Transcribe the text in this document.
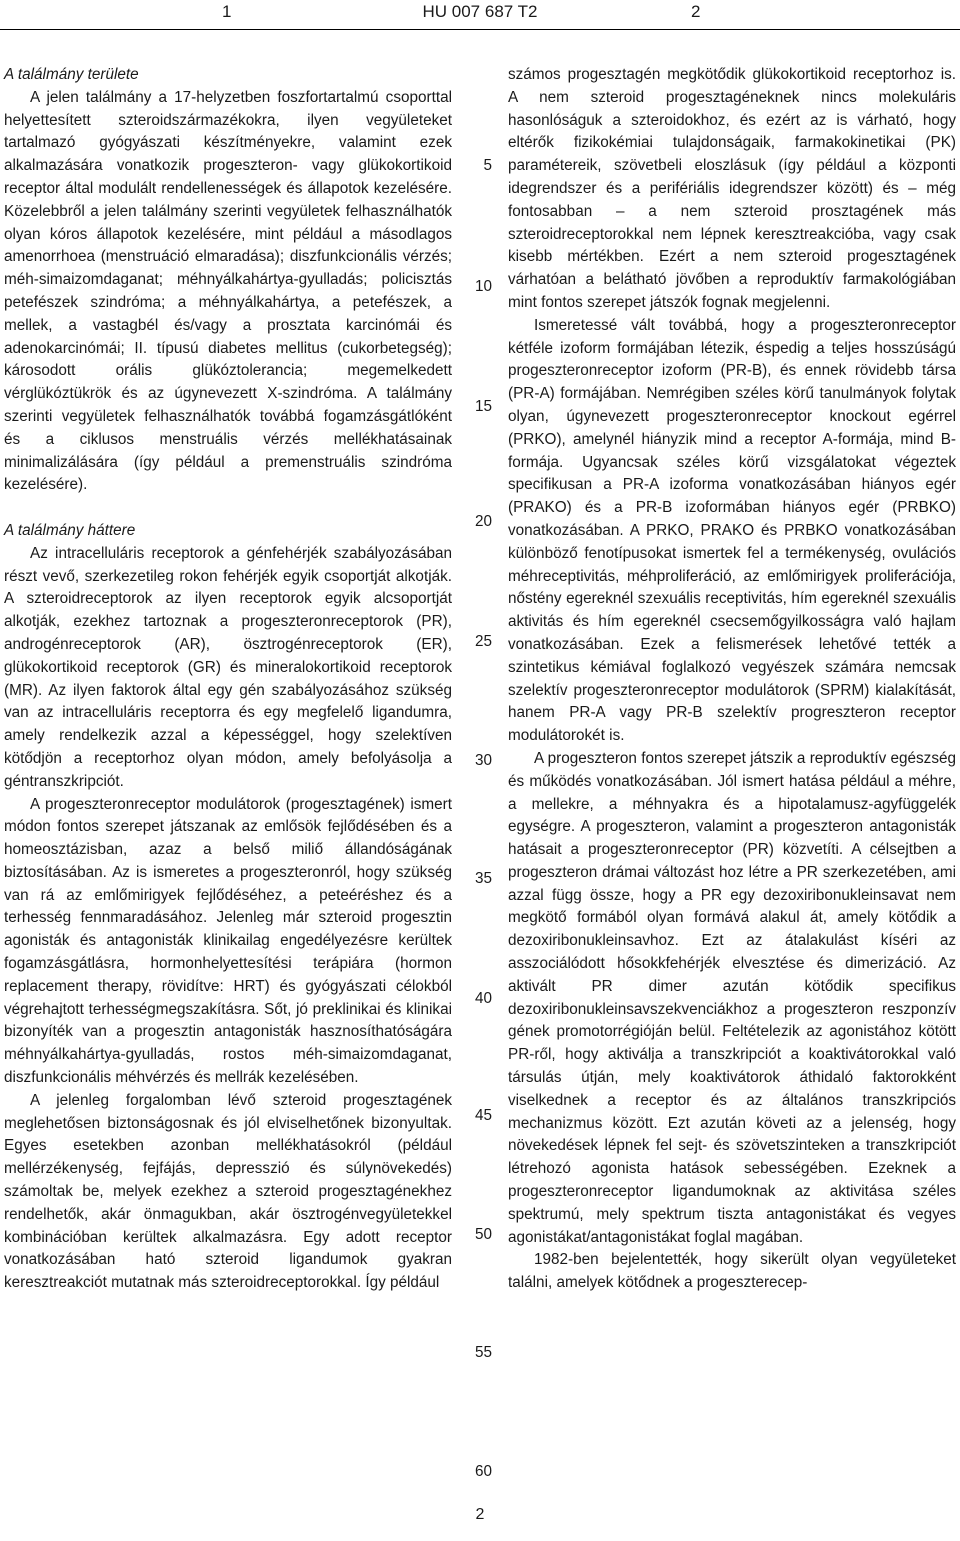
1	HU 007 687 T2	2
A találmány területe

A jelen találmány a 17-helyzetben foszfortartalmú csoporttal helyettesített szteroidszármazékokra, ilyen vegyületeket tartalmazó gyógyászati készítményekre, valamint ezek alkalmazására vonatkozik progeszteron- vagy glükokortikoid receptor által modulált rendellenességek és állapotok kezelésére. Közelebbről a jelen találmány szerinti vegyületek felhasználhatók olyan kóros állapotok kezelésére, mint például a másodlagos amenorrhoea (menstruáció elmaradása); diszfunkcionális vérzés; méh-simaizomdaganat; méhnyálkahártya-gyulladás; policisztás petefészek szindróma; a méhnyálkahártya, a petefészek, a mellek, a vastagbél és/vagy a prosztata karcinómái és adenokarcinómái; II. típusú diabetes mellitus (cukorbetegség); károsodott orális glükóztolerancia; megemelkedett vérglükóztükrök és az úgynevezett X-szindróma. A találmány szerinti vegyületek felhasználhatók továbbá fogamzásgátlóként és a ciklusos menstruális vérzés mellékhatásainak minimalizálására (így például a premenstruális szindróma kezelésére).

A találmány háttere

Az intracelluláris receptorok a génfehérjék szabályozásában részt vevő, szerkezetileg rokon fehérjék egyik csoportját alkotják. A szteroidreceptorok az ilyen receptorok egyik alcsoportját alkotják, ezekhez tartoznak a progeszteronreceptorok (PR), androgénreceptorok (AR), ösztrogénreceptorok (ER), glükokortikoid receptorok (GR) és mineralokortikoid receptorok (MR). Az ilyen faktorok által egy gén szabályozásához szükség van az intracelluláris receptorra és egy megfelelő ligandumra, amely rendelkezik azzal a képességgel, hogy szelektíven kötődjön a receptorhoz olyan módon, amely befolyásolja a géntranszkripciót.

A progeszteronreceptor modulátorok (progesztagének) ismert módon fontos szerepet játszanak az emlősök fejlődésében és a homeosztázisban, azaz a belső miliő állandóságának biztosításában. Az is ismeretes a progeszteronról, hogy szükség van rá az emlőmirigyek fejlődéséhez, a peteéréshez és a terhesség fennmaradásához. Jelenleg már szteroid progesztin agonisták és antagonisták klinikailag engedélyezésre kerültek fogamzásgátlásra, hormonhelyettesítési terápiára (hormon replacement therapy, rövidítve: HRT) és gyógyászati célokból végrehajtott terhességmegszakításra. Sőt, jó preklinikai és klinikai bizonyíték van a progesztin antagonisták hasznosíthatóságára méhnyálkahártya-gyulladás, rostos méh-simaizomdaganat, diszfunkcionális méhvérzés és mellrák kezelésében.

A jelenleg forgalomban lévő szteroid progesztagének meglehetősen biztonságosnak és jól elviselhetőnek bizonyultak. Egyes esetekben azonban mellékhatásokról (például mellérzékenység, fejfájás, depresszió és súlynövekedés) számoltak be, melyek ezekhez a szteroid progesztagénekhez rendelhetők, akár önmagukban, akár ösztrogénvegyületekkel kombinációban kerültek alkalmazásra. Egy adott receptor vonatkozásában ható szteroid ligandumok gyakran keresztreakciót mutatnak más szteroidreceptorokkal. Így például

számos progesztagén megkötődik glükokortikoid receptorhoz is. A nem szteroid progesztagéneknek nincs molekuláris hasonlóságuk a szteroidokhoz, és ezért az is várható, hogy eltérők fizikokémiai tulajdonságaik, farmakokinetikai (PK) paramétereik, szövetbeli eloszlásuk (így például a központi idegrendszer és a perifériális idegrendszer között) és – még fontosabban – a nem szteroid prosztagének más szteroidreceptorokkal nem lépnek keresztreakcióba, vagy csak kisebb mértékben. Ezért a nem szteroid progesztagének várhatóan a belátható jövőben a reproduktív farmakológiában mint fontos szerepet játszók fognak megjelenni.

Ismeretessé vált továbbá, hogy a progeszteronreceptor kétféle izoform formájában létezik, éspedig a teljes hosszúságú progeszteronreceptor izoform (PR-B), és ennek rövidebb társa (PR-A) formájában. Nemrégiben széles körű tanulmányok folytak olyan, úgynevezett progeszteronreceptor knockout egérrel (PRKO), amelynél hiányzik mind a receptor A-formája, mind B-formája. Ugyancsak széles körű vizsgálatokat végeztek specifikusan a PR-A izoforma vonatkozásában hiányos egér (PRAKO) és a PR-B izoformában hiányos egér (PRBKO) vonatkozásában. A PRKO, PRAKO és PRBKO vonatkozásában különböző fenotípusokat ismertek fel a termékenység, ovulációs méhreceptivitás, méhproliferáció, az emlőmirigyek proliferációja, nőstény egereknél szexuális receptivitás, hím egereknél szexuális aktivitás és hím egereknél csecsemőgyilkosságra való hajlam vonatkozásában. Ezek a felismerések lehetővé tették a szintetikus kémiával foglalkozó vegyészek számára nemcsak szelektív progeszteronreceptor modulátorok (SPRM) kialakítását, hanem PR-A vagy PR-B szelektív progreszteron receptor modulátorokét is.

A progeszteron fontos szerepet játszik a reproduktív egészség és működés vonatkozásában. Jól ismert hatása például a méhre, a mellekre, a méhnyakra és a hipotalamusz-agyfüggelék egységre. A progeszteron, valamint a progeszteron antagonisták hatásait a progeszteronreceptor (PR) közvetíti. A célsejtben a progeszteron drámai változást hoz létre a PR szerkezetében, ami azzal függ össze, hogy a PR egy dezoxiribonukleinsavat nem megkötő formából olyan formává alakul át, amely kötődik a dezoxiribonukleinsavhoz. Ezt az átalakulást kíséri az asszociálódott hősokkfehérjék elvesztése és dimerizáció. Az aktivált PR dimer azután kötődik specifikus dezoxiribonukleinsavszekvenciákhoz a progeszteron reszponzív gének promotorrégióján belül. Feltételezik az agonistához kötött PR-ről, hogy aktiválja a transzkripciót a koaktivátorokkal való társulás útján, mely koaktivátorok áthidaló faktorokként viselkednek a receptor és az általános transzkripciós mechanizmus között. Ezt azután követi az a jelenség, hogy növekedések lépnek fel sejt- és szövetszinteken a transzkripciót létrehozó agonista hatások sebességében. Ezeknek a progeszteronreceptor ligandumoknak az aktivitása széles spektrumú, mely spektrum tiszta antagonistákat és vegyes agonistákat/antagonistákat foglal magában.

1982-ben bejelentették, hogy sikerült olyan vegyületeket találni, amelyek kötődnek a progeszterecep-

5
10
15
20
25
30
35
40
45
50
55
60
2
